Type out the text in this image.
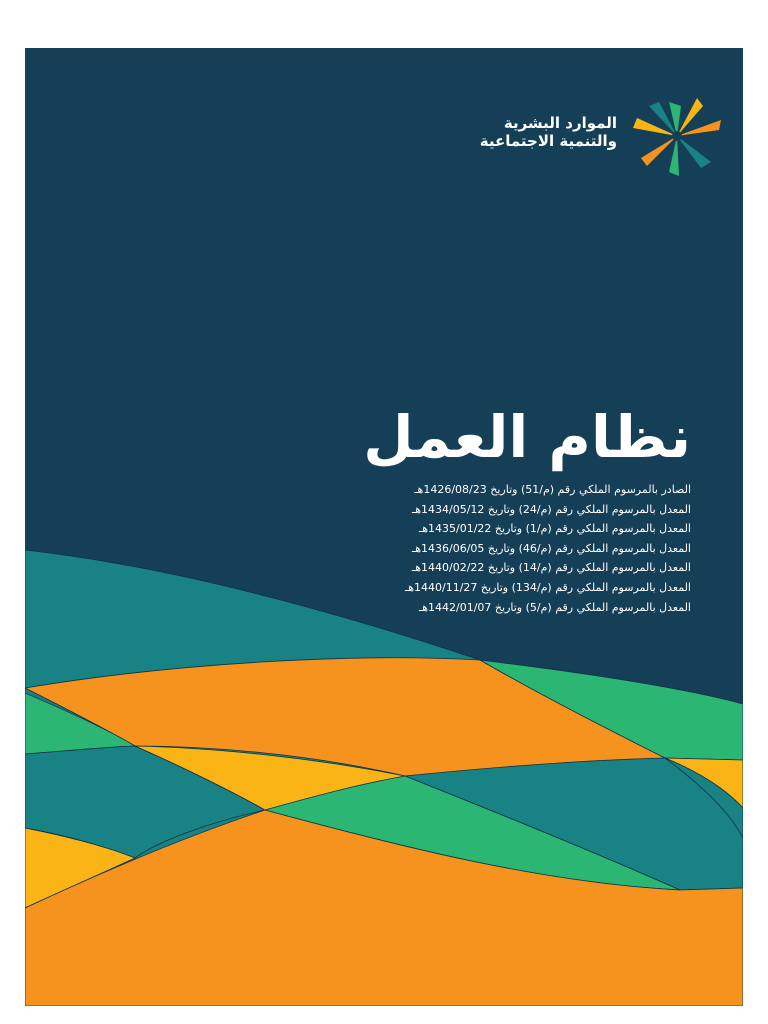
الموارد البشرية
والتنمية الاجتماعية
نظام العمل
الصادر بالمرسوم الملكي رقم (م/51) وتاريخ 1426/08/23هـ
المعدل بالمرسوم الملكي رقم (م/24) وتاريخ 1434/05/12هـ
المعدل بالمرسوم الملكي رقم (م/1) وتاريخ 1435/01/22هـ
المعدل بالمرسوم الملكي رقم (م/46) وتاريخ 1436/06/05هـ
المعدل بالمرسوم الملكي رقم (م/14) وتاريخ 1440/02/22هـ
المعدل بالمرسوم الملكي رقم (م/134) وتاريخ 1440/11/27هـ
المعدل بالمرسوم الملكي رقم (م/5) وتاريخ 1442/01/07هـ
